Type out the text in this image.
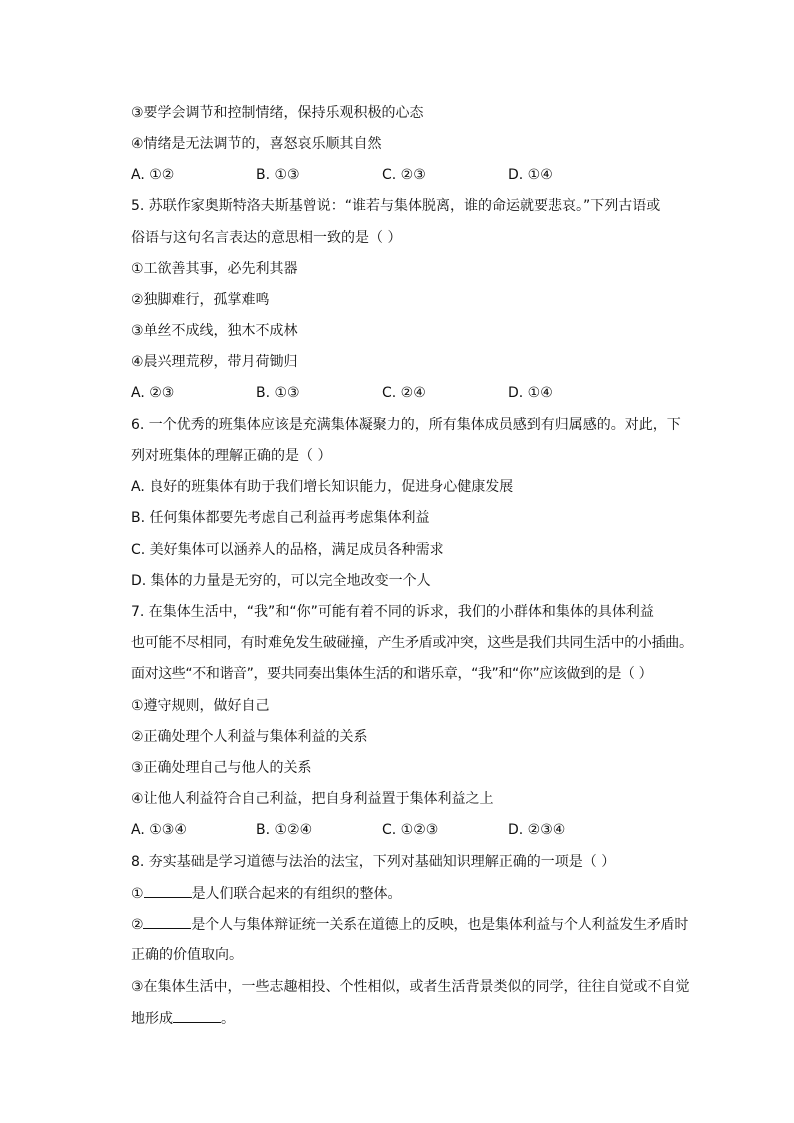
③要学会调节和控制情绪，保持乐观积极的心态
④情绪是无法调节的，喜怒哀乐顺其自然
A. ①②	B. ①③	C. ②③	D. ①④
5. 苏联作家奥斯特洛夫斯基曾说：“谁若与集体脱离，谁的命运就要悲哀。”下列古语或
俗语与这句名言表达的意思相一致的是（ ）
①工欲善其事，必先利其器
②独脚难行，孤掌难鸣
③单丝不成线，独木不成林
④晨兴理荒秽，带月荷锄归
A. ②③	B. ①③	C. ②④	D. ①④
6. 一个优秀的班集体应该是充满集体凝聚力的，所有集体成员感到有归属感的。对此，下
列对班集体的理解正确的是（ ）
A. 良好的班集体有助于我们增长知识能力，促进身心健康发展
B. 任何集体都要先考虑自己利益再考虑集体利益
C. 美好集体可以涵养人的品格，满足成员各种需求
D. 集体的力量是无穷的，可以完全地改变一个人
7. 在集体生活中，“我”和“你”可能有着不同的诉求，我们的小群体和集体的具体利益
也可能不尽相同，有时难免发生破碰撞，产生矛盾或冲突，这些是我们共同生活中的小插曲。
面对这些“不和谐音”，要共同奏出集体生活的和谐乐章，“我”和“你”应该做到的是（ ）
①遵守规则，做好自己
②正确处理个人利益与集体利益的关系
③正确处理自己与他人的关系
④让他人利益符合自己利益，把自身利益置于集体利益之上
A. ①③④	B. ①②④	C. ①②③	D. ②③④
8. 夯实基础是学习道德与法治的法宝，下列对基础知识理解正确的一项是（ ）
①	是人们联合起来的有组织的整体。
②	是个人与集体辩证统一关系在道德上的反映，也是集体利益与个人利益发生矛盾时
正确的价值取向。
③在集体生活中，一些志趣相投、个性相似，或者生活背景类似的同学，往往自觉或不自觉
地形成	。
